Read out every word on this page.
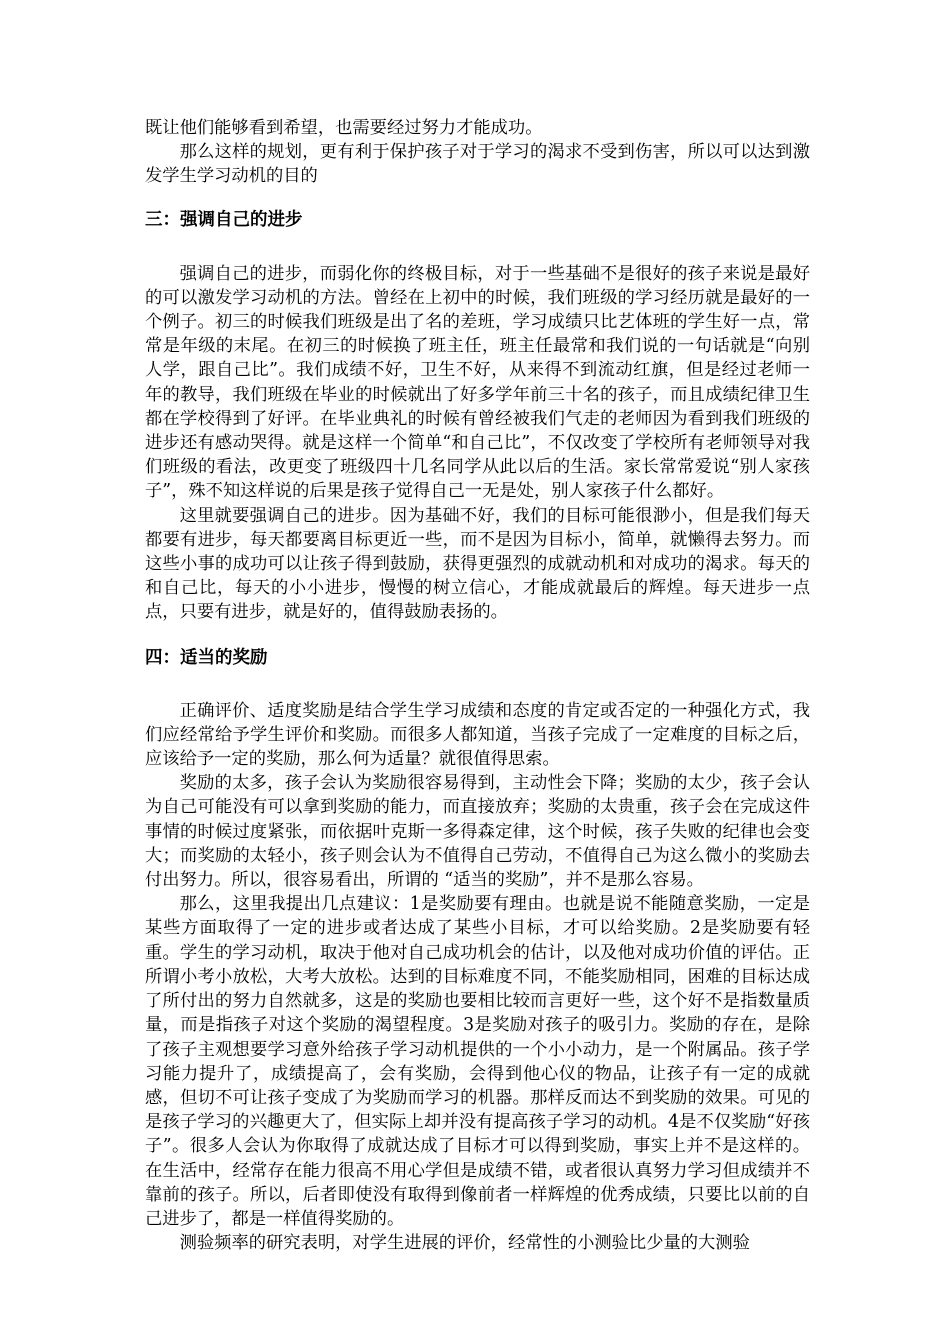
既让他们能够看到希望，也需要经过努力才能成功。

那么这样的规划，更有利于保护孩子对于学习的渴求不受到伤害，所以可以达到激发学生学习动机的目的

三：强调自己的进步

强调自己的进步，而弱化你的终极目标，对于一些基础不是很好的孩子来说是最好的可以激发学习动机的方法。曾经在上初中的时候，我们班级的学习经历就是最好的一个例子。初三的时候我们班级是出了名的差班，学习成绩只比艺体班的学生好一点，常常是年级的末尾。在初三的时候换了班主任，班主任最常和我们说的一句话就是“向别人学，跟自己比”。我们成绩不好，卫生不好，从来得不到流动红旗，但是经过老师一年的教导，我们班级在毕业的时候就出了好多学年前三十名的孩子，而且成绩纪律卫生都在学校得到了好评。在毕业典礼的时候有曾经被我们气走的老师因为看到我们班级的进步还有感动哭得。就是这样一个简单“和自己比”，不仅改变了学校所有老师领导对我们班级的看法，改更变了班级四十几名同学从此以后的生活。家长常常爱说“别人家孩子”，殊不知这样说的后果是孩子觉得自己一无是处，别人家孩子什么都好。

这里就要强调自己的进步。因为基础不好，我们的目标可能很渺小，但是我们每天都要有进步，每天都要离目标更近一些，而不是因为目标小，简单，就懒得去努力。而这些小事的成功可以让孩子得到鼓励，获得更强烈的成就动机和对成功的渴求。每天的和自己比，每天的小小进步，慢慢的树立信心，才能成就最后的辉煌。每天进步一点点，只要有进步，就是好的，值得鼓励表扬的。

四：适当的奖励

正确评价、适度奖励是结合学生学习成绩和态度的肯定或否定的一种强化方式，我们应经常给予学生评价和奖励。而很多人都知道，当孩子完成了一定难度的目标之后，应该给予一定的奖励，那么何为适量？就很值得思索。

奖励的太多，孩子会认为奖励很容易得到，主动性会下降；奖励的太少，孩子会认为自己可能没有可以拿到奖励的能力，而直接放弃；奖励的太贵重，孩子会在完成这件事情的时候过度紧张，而依据叶克斯一多得森定律，这个时候，孩子失败的纪律也会变大；而奖励的太轻小，孩子则会认为不值得自己劳动，不值得自己为这么微小的奖励去付出努力。所以，很容易看出，所谓的 “适当的奖励”，并不是那么容易。

那么，这里我提出几点建议：1是奖励要有理由。也就是说不能随意奖励，一定是某些方面取得了一定的进步或者达成了某些小目标，才可以给奖励。2是奖励要有轻重。学生的学习动机，取决于他对自己成功机会的估计，以及他对成功价值的评估。正所谓小考小放松，大考大放松。达到的目标难度不同，不能奖励相同，困难的目标达成了所付出的努力自然就多，这是的奖励也要相比较而言更好一些，这个好不是指数量质量，而是指孩子对这个奖励的渴望程度。3是奖励对孩子的吸引力。奖励的存在，是除了孩子主观想要学习意外给孩子学习动机提供的一个小小动力，是一个附属品。孩子学习能力提升了，成绩提高了，会有奖励，会得到他心仪的物品，让孩子有一定的成就感，但切不可让孩子变成了为奖励而学习的机器。那样反而达不到奖励的效果。可见的是孩子学习的兴趣更大了，但实际上却并没有提高孩子学习的动机。4是不仅奖励“好孩子”。很多人会认为你取得了成就达成了目标才可以得到奖励，事实上并不是这样的。在生活中，经常存在能力很高不用心学但是成绩不错，或者很认真努力学习但成绩并不靠前的孩子。所以，后者即使没有取得到像前者一样辉煌的优秀成绩，只要比以前的自己进步了，都是一样值得奖励的。

测验频率的研究表明，对学生进展的评价，经常性的小测验比少量的大测验
